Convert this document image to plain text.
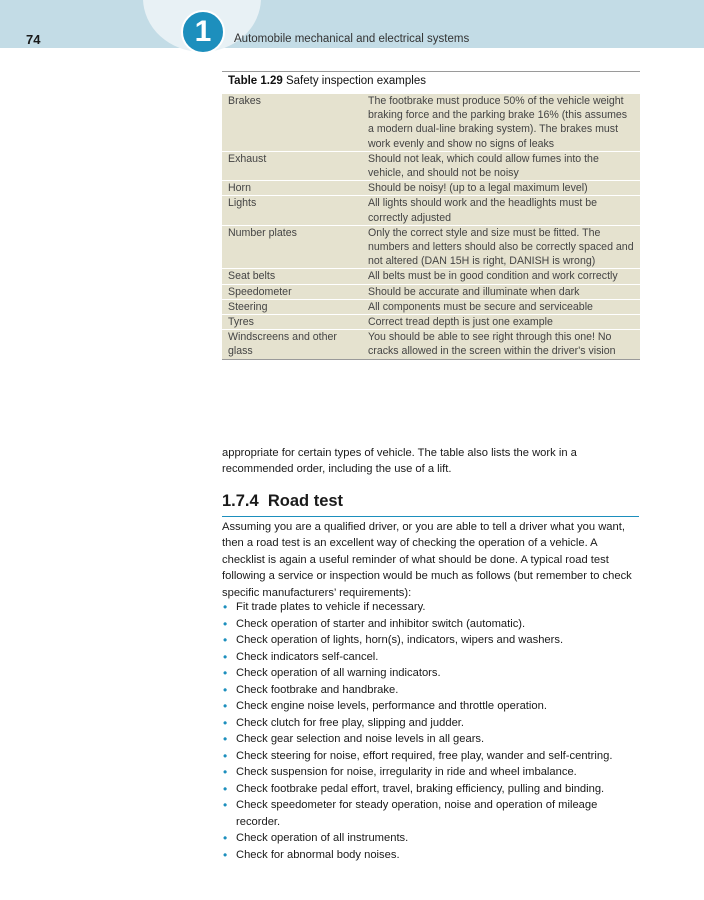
74	1	Automobile mechanical and electrical systems
Table 1.29 Safety inspection examples
Brakes	The footbrake must produce 50% of the vehicle weight braking force and the parking brake 16% (this assumes a modern dual-line braking system). The brakes must work evenly and show no signs of leaks
Exhaust	Should not leak, which could allow fumes into the vehicle, and should not be noisy
Horn	Should be noisy! (up to a legal maximum level)
Lights	All lights should work and the headlights must be correctly adjusted
Number plates	Only the correct style and size must be fitted. The numbers and letters should also be correctly spaced and not altered (DAN 15H is right, DANISH is wrong)
Seat belts	All belts must be in good condition and work correctly
Speedometer	Should be accurate and illuminate when dark
Steering	All components must be secure and serviceable
Tyres	Correct tread depth is just one example
Windscreens and other glass	You should be able to see right through this one! No cracks allowed in the screen within the driver's vision

appropriate for certain types of vehicle. The table also lists the work in a recommended order, including the use of a lift.

1.7.4 Road test

Assuming you are a qualified driver, or you are able to tell a driver what you want, then a road test is an excellent way of checking the operation of a vehicle. A checklist is again a useful reminder of what should be done. A typical road test following a service or inspection would be much as follows (but remember to check specific manufacturers’ requirements):

• Fit trade plates to vehicle if necessary.
• Check operation of starter and inhibitor switch (automatic).
• Check operation of lights, horn(s), indicators, wipers and washers.
• Check indicators self-cancel.
• Check operation of all warning indicators.
• Check footbrake and handbrake.
• Check engine noise levels, performance and throttle operation.
• Check clutch for free play, slipping and judder.
• Check gear selection and noise levels in all gears.
• Check steering for noise, effort required, free play, wander and self-centring.
• Check suspension for noise, irregularity in ride and wheel imbalance.
• Check footbrake pedal effort, travel, braking efficiency, pulling and binding.
• Check speedometer for steady operation, noise and operation of mileage recorder.
• Check operation of all instruments.
• Check for abnormal body noises.
